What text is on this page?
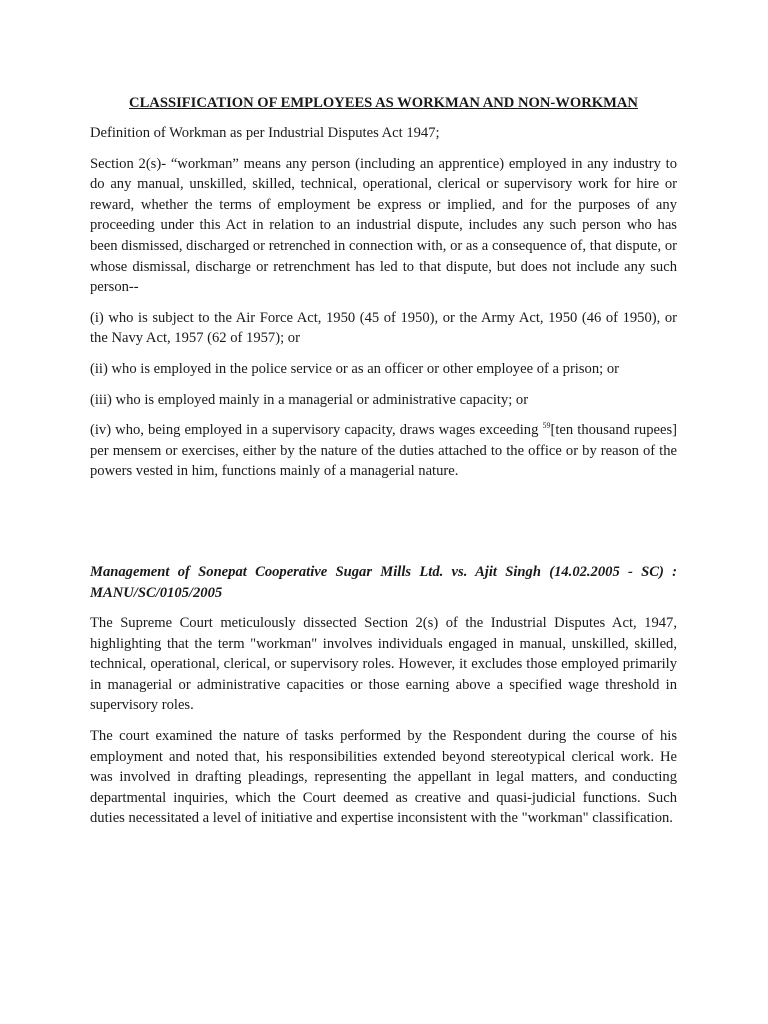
CLASSIFICATION OF EMPLOYEES AS WORKMAN AND NON-WORKMAN

Definition of Workman as per Industrial Disputes Act 1947;

Section 2(s)- “workman” means any person (including an apprentice) employed in any industry to do any manual, unskilled, skilled, technical, operational, clerical or supervisory work for hire or reward, whether the terms of employment be express or implied, and for the purposes of any proceeding under this Act in relation to an industrial dispute, includes any such person who has been dismissed, discharged or retrenched in connection with, or as a consequence of, that dispute, or whose dismissal, discharge or retrenchment has led to that dispute, but does not include any such person--

(i) who is subject to the Air Force Act, 1950 (45 of 1950), or the Army Act, 1950 (46 of 1950), or the Navy Act, 1957 (62 of 1957); or

(ii) who is employed in the police service or as an officer or other employee of a prison; or

(iii) who is employed mainly in a managerial or administrative capacity; or

(iv) who, being employed in a supervisory capacity, draws wages exceeding $^{59}$[ten thousand rupees] per mensem or exercises, either by the nature of the duties attached to the office or by reason of the powers vested in him, functions mainly of a managerial nature.

Management of Sonepat Cooperative Sugar Mills Ltd. vs. Ajit Singh (14.02.2005 - SC) : MANU/SC/0105/2005

The Supreme Court meticulously dissected Section 2(s) of the Industrial Disputes Act, 1947, highlighting that the term "workman" involves individuals engaged in manual, unskilled, skilled, technical, operational, clerical, or supervisory roles. However, it excludes those employed primarily in managerial or administrative capacities or those earning above a specified wage threshold in supervisory roles.

The court examined the nature of tasks performed by the Respondent during the course of his employment and noted that, his responsibilities extended beyond stereotypical clerical work. He was involved in drafting pleadings, representing the appellant in legal matters, and conducting departmental inquiries, which the Court deemed as creative and quasi-judicial functions. Such duties necessitated a level of initiative and expertise inconsistent with the "workman" classification.
